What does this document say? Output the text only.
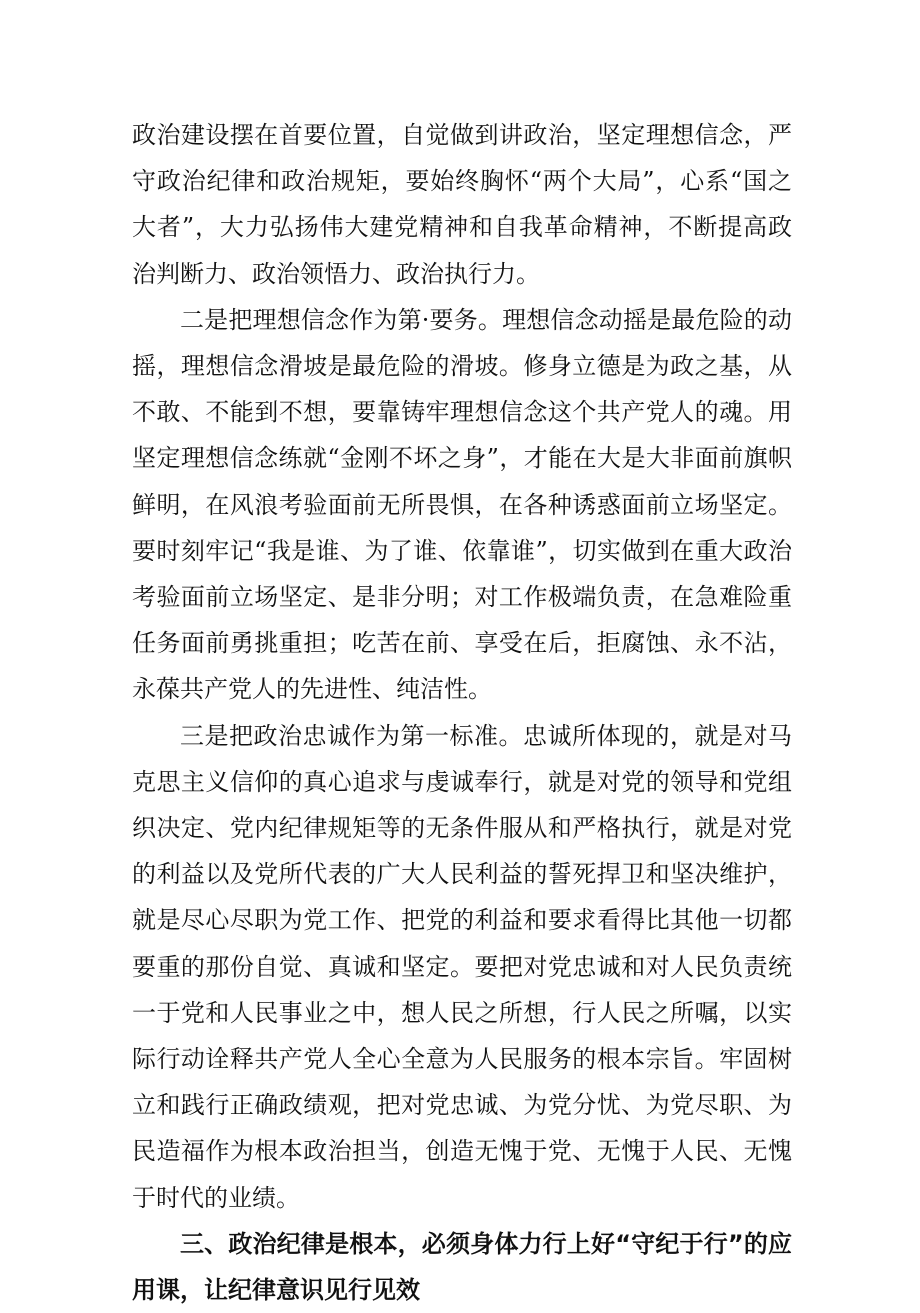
政治建设摆在首要位置，自觉做到讲政治，坚定理想信念，严守政治纪律和政治规矩，要始终胸怀“两个大局”，心系“国之大者”，大力弘扬伟大建党精神和自我革命精神，不断提高政治判断力、政治领悟力、政治执行力。

二是把理想信念作为第·要务。理想信念动摇是最危险的动摇，理想信念滑坡是最危险的滑坡。修身立德是为政之基，从不敢、不能到不想，要靠铸牢理想信念这个共产党人的魂。用坚定理想信念练就“金刚不坏之身”，才能在大是大非面前旗帜鲜明，在风浪考验面前无所畏惧，在各种诱惑面前立场坚定。要时刻牢记“我是谁、为了谁、依靠谁”，切实做到在重大政治考验面前立场坚定、是非分明；对工作极端负责，在急难险重任务面前勇挑重担；吃苦在前、享受在后，拒腐蚀、永不沾，永葆共产党人的先进性、纯洁性。

三是把政治忠诚作为第一标准。忠诚所体现的，就是对马克思主义信仰的真心追求与虔诚奉行，就是对党的领导和党组织决定、党内纪律规矩等的无条件服从和严格执行，就是对党的利益以及党所代表的广大人民利益的誓死捍卫和坚决维护，就是尽心尽职为党工作、把党的利益和要求看得比其他一切都要重的那份自觉、真诚和坚定。要把对党忠诚和对人民负责统一于党和人民事业之中，想人民之所想，行人民之所嘱，以实际行动诠释共产党人全心全意为人民服务的根本宗旨。牢固树立和践行正确政绩观，把对党忠诚、为党分忧、为党尽职、为民造福作为根本政治担当，创造无愧于党、无愧于人民、无愧于时代的业绩。

三、政治纪律是根本，必须身体力行上好“守纪于行”的应用课，让纪律意识见行见效
